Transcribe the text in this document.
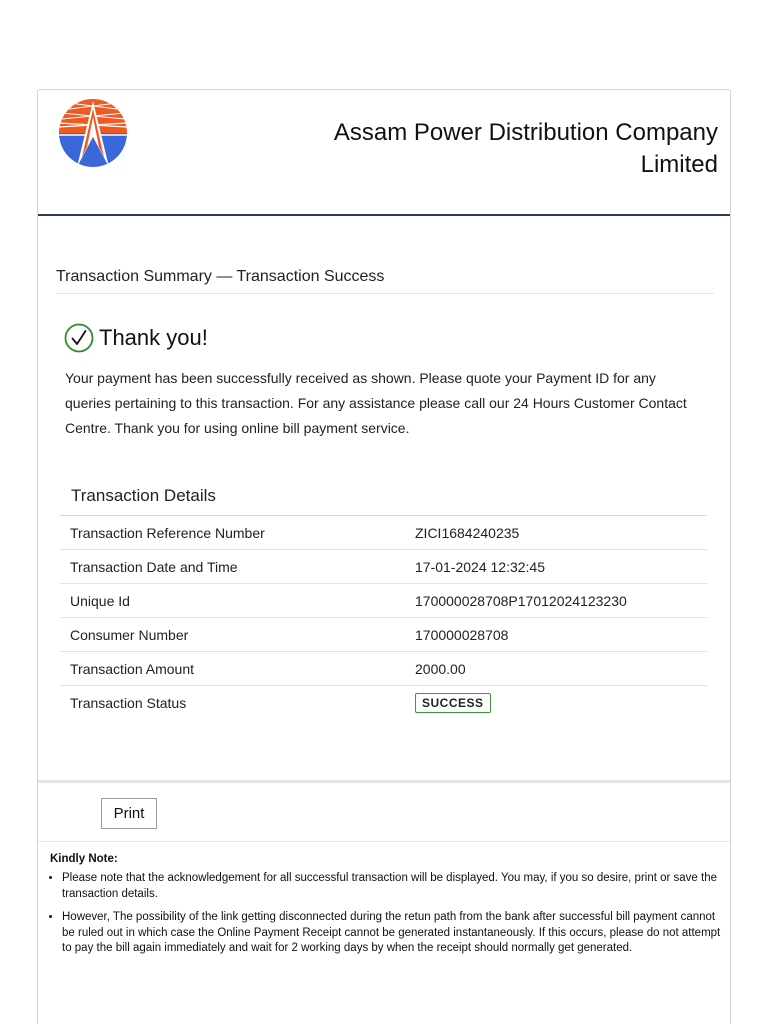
Assam Power Distribution Company Limited
Transaction Summary — Transaction Success
Thank you!
Your payment has been successfully received as shown. Please quote your Payment ID for any queries pertaining to this transaction. For any assistance please call our 24 Hours Customer Contact Centre. Thank you for using online bill payment service.
Transaction Details
Transaction Reference Number	ZICI1684240235
Transaction Date and Time	17-01-2024 12:32:45
Unique Id	170000028708P17012024123230
Consumer Number	170000028708
Transaction Amount	2000.00
Transaction Status	SUCCESS
Print
Kindly Note:
• Please note that the acknowledgement for all successful transaction will be displayed. You may, if you so desire, print or save the transaction details.
• However, The possibility of the link getting disconnected during the retun path from the bank after successful bill payment cannot be ruled out in which case the Online Payment Receipt cannot be generated instantaneously. If this occurs, please do not attempt to pay the bill again immediately and wait for 2 working days by when the receipt should normally get generated.
